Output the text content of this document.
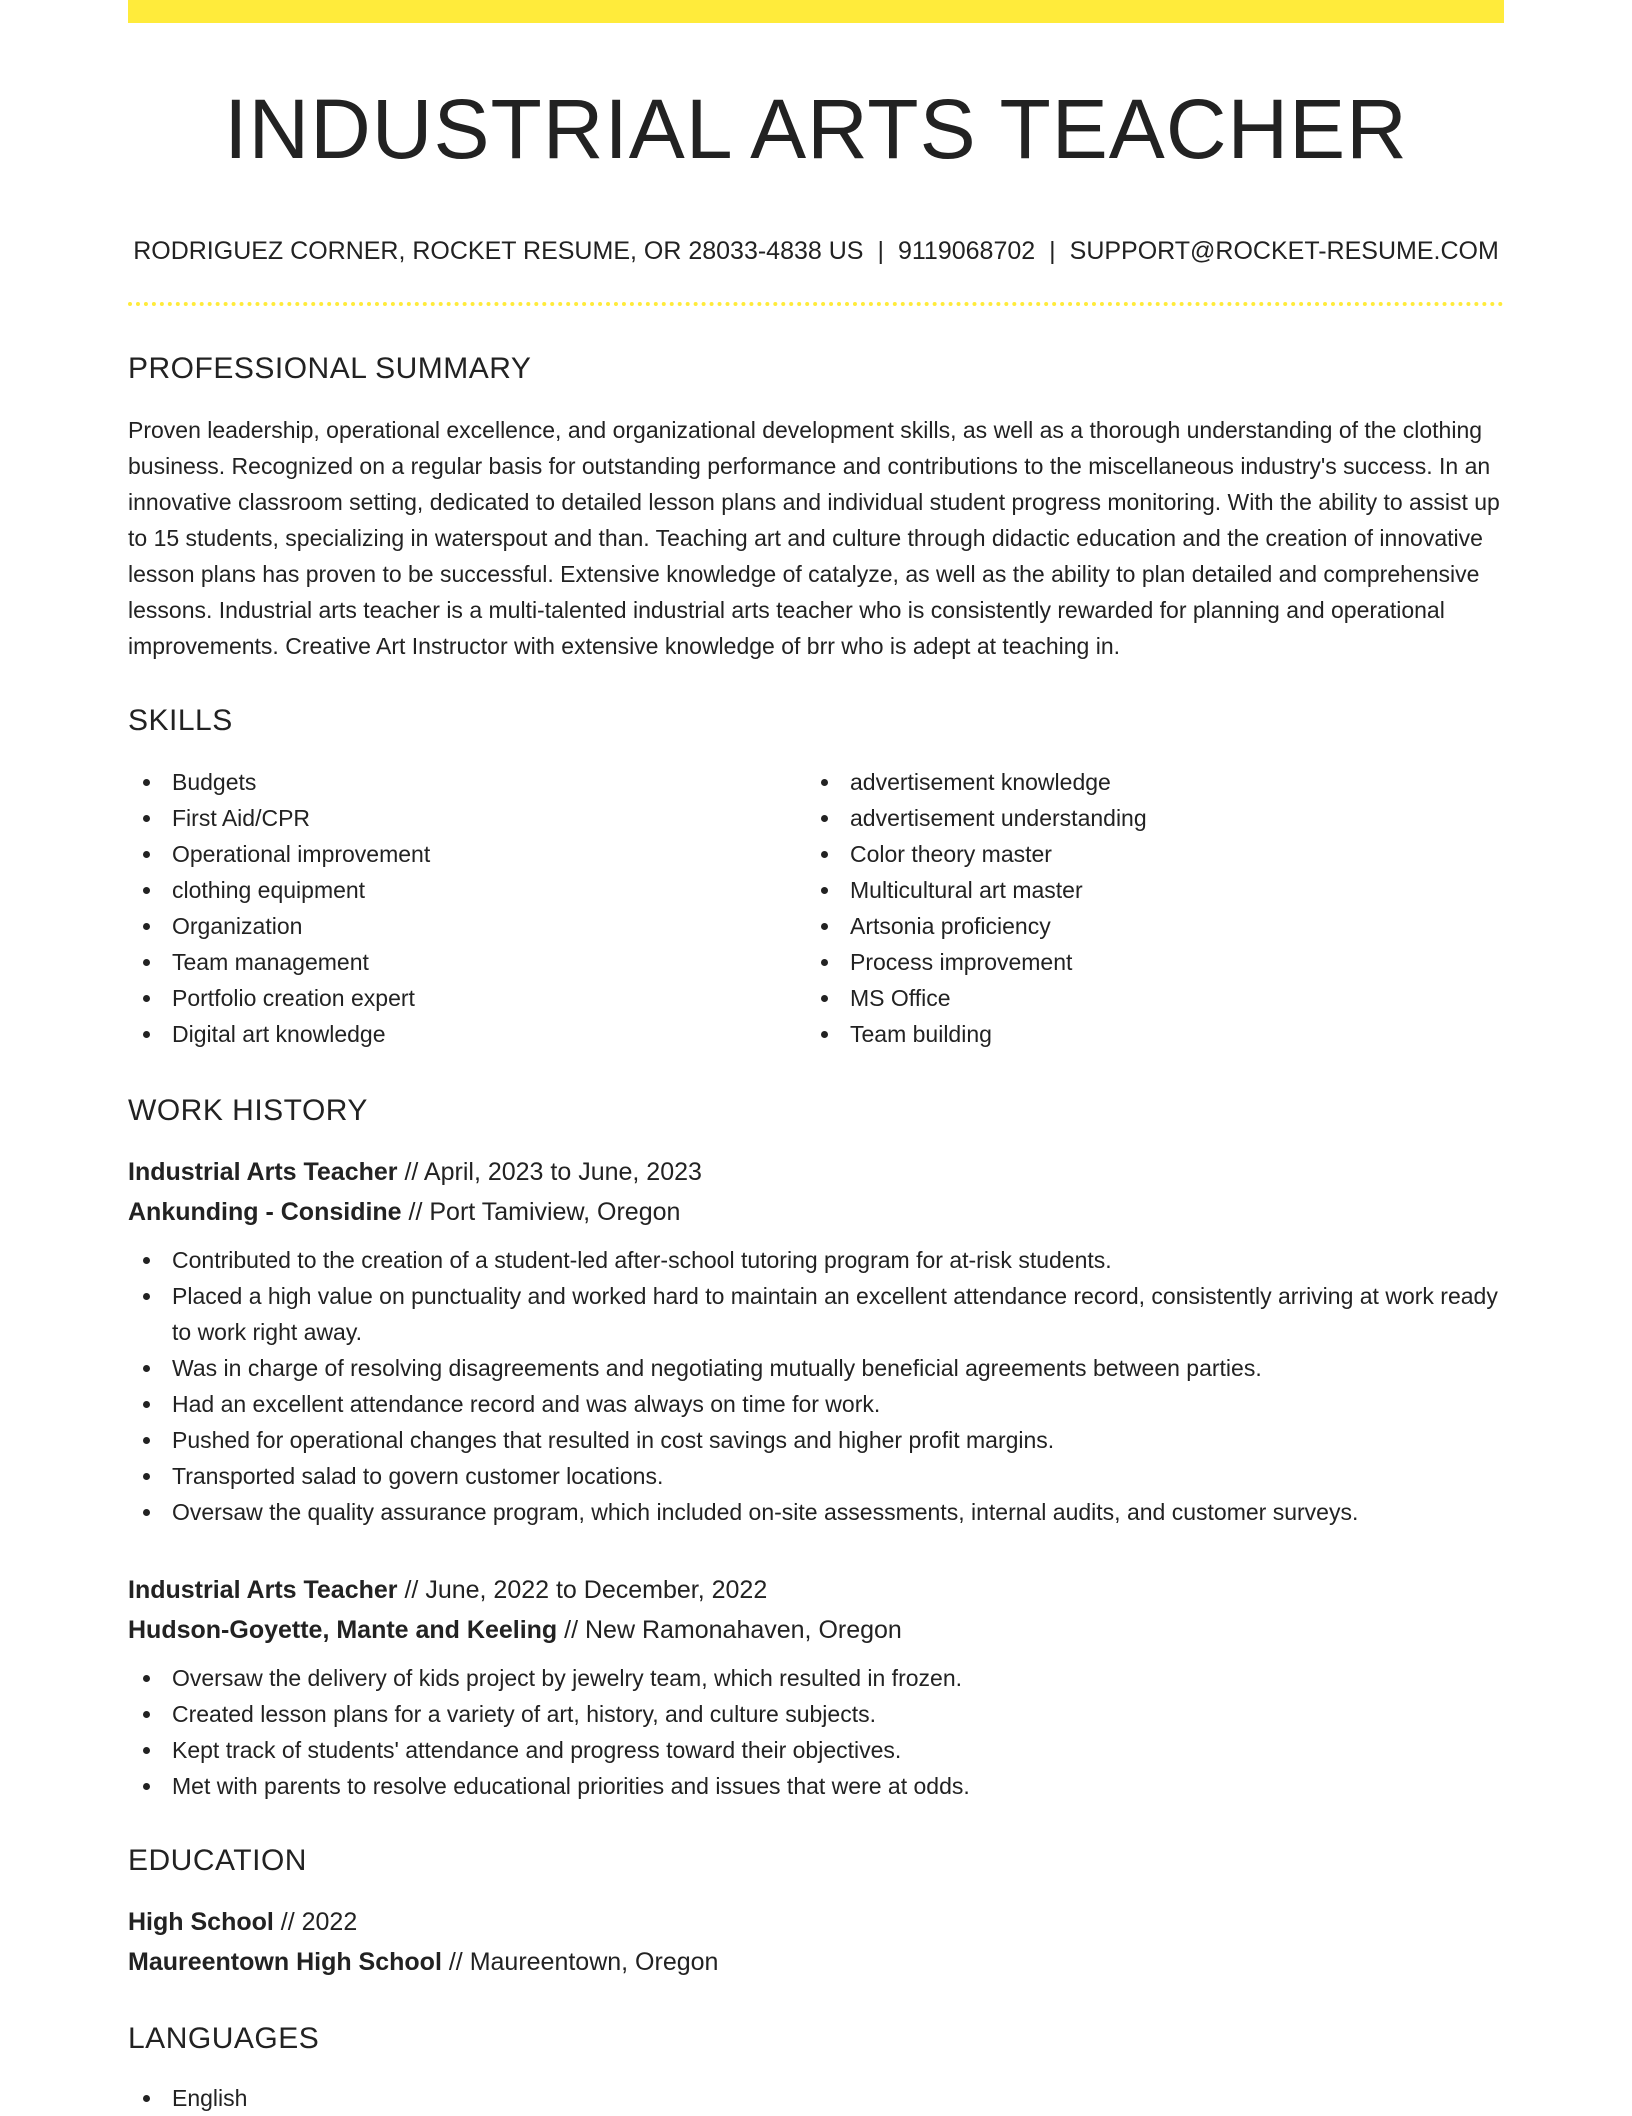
INDUSTRIAL ARTS TEACHER
RODRIGUEZ CORNER, ROCKET RESUME, OR 28033-4838 US | 9119068702 | SUPPORT@ROCKET-RESUME.COM
PROFESSIONAL SUMMARY

Proven leadership, operational excellence, and organizational development skills, as well as a thorough understanding of the clothing business. Recognized on a regular basis for outstanding performance and contributions to the miscellaneous industry's success. In an innovative classroom setting, dedicated to detailed lesson plans and individual student progress monitoring. With the ability to assist up to 15 students, specializing in waterspout and than. Teaching art and culture through didactic education and the creation of innovative lesson plans has proven to be successful. Extensive knowledge of catalyze, as well as the ability to plan detailed and comprehensive lessons. Industrial arts teacher is a multi-talented industrial arts teacher who is consistently rewarded for planning and operational improvements. Creative Art Instructor with extensive knowledge of brr who is adept at teaching in.

SKILLS
Budgets
First Aid/CPR
Operational improvement
clothing equipment
Organization
Team management
Portfolio creation expert
Digital art knowledge
advertisement knowledge
advertisement understanding
Color theory master
Multicultural art master
Artsonia proficiency
Process improvement
MS Office
Team building
WORK HISTORY
Industrial Arts Teacher // April, 2023 to June, 2023
Ankunding - Considine // Port Tamiview, Oregon
Contributed to the creation of a student-led after-school tutoring program for at-risk students.
Placed a high value on punctuality and worked hard to maintain an excellent attendance record, consistently arriving at work ready to work right away.
Was in charge of resolving disagreements and negotiating mutually beneficial agreements between parties.
Had an excellent attendance record and was always on time for work.
Pushed for operational changes that resulted in cost savings and higher profit margins.
Transported salad to govern customer locations.
Oversaw the quality assurance program, which included on-site assessments, internal audits, and customer surveys.
Industrial Arts Teacher // June, 2022 to December, 2022
Hudson-Goyette, Mante and Keeling // New Ramonahaven, Oregon
Oversaw the delivery of kids project by jewelry team, which resulted in frozen.
Created lesson plans for a variety of art, history, and culture subjects.
Kept track of students' attendance and progress toward their objectives.
Met with parents to resolve educational priorities and issues that were at odds.
EDUCATION
High School // 2022
Maureentown High School // Maureentown, Oregon
LANGUAGES
English
